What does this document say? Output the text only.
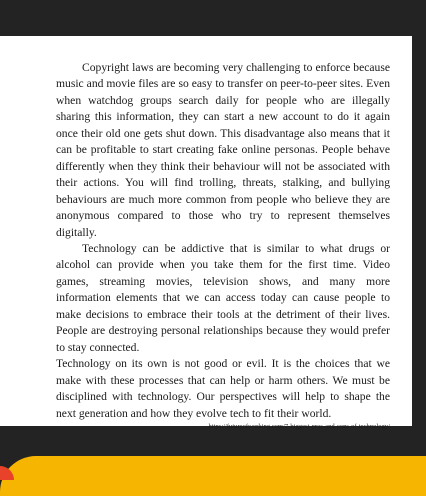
Copyright laws are becoming very challenging to enforce because music and movie files are so easy to transfer on peer-to-peer sites. Even when watchdog groups search daily for people who are illegally sharing this information, they can start a new account to do it again once their old one gets shut down. This disadvantage also means that it can be profitable to start creating fake online personas. People behave differently when they think their behaviour will not be associated with their actions. You will find trolling, threats, stalking, and bullying behaviours are much more common from people who believe they are anonymous compared to those who try to represent themselves digitally.

Technology can be addictive that is similar to what drugs or alcohol can provide when you take them for the first time. Video games, streaming movies, television shows, and many more information elements that we can access today can cause people to make decisions to embrace their tools at the detriment of their lives. People are destroying personal relationships because they would prefer to stay connected.

Technology on its own is not good or evil. It is the choices that we make with these processes that can help or harm others. We must be disciplined with technology. Our perspectives will help to shape the next generation and how they evolve tech to fit their world.

https://futureofworking.com/7-biggest-pros-and-cons-of-technology/
